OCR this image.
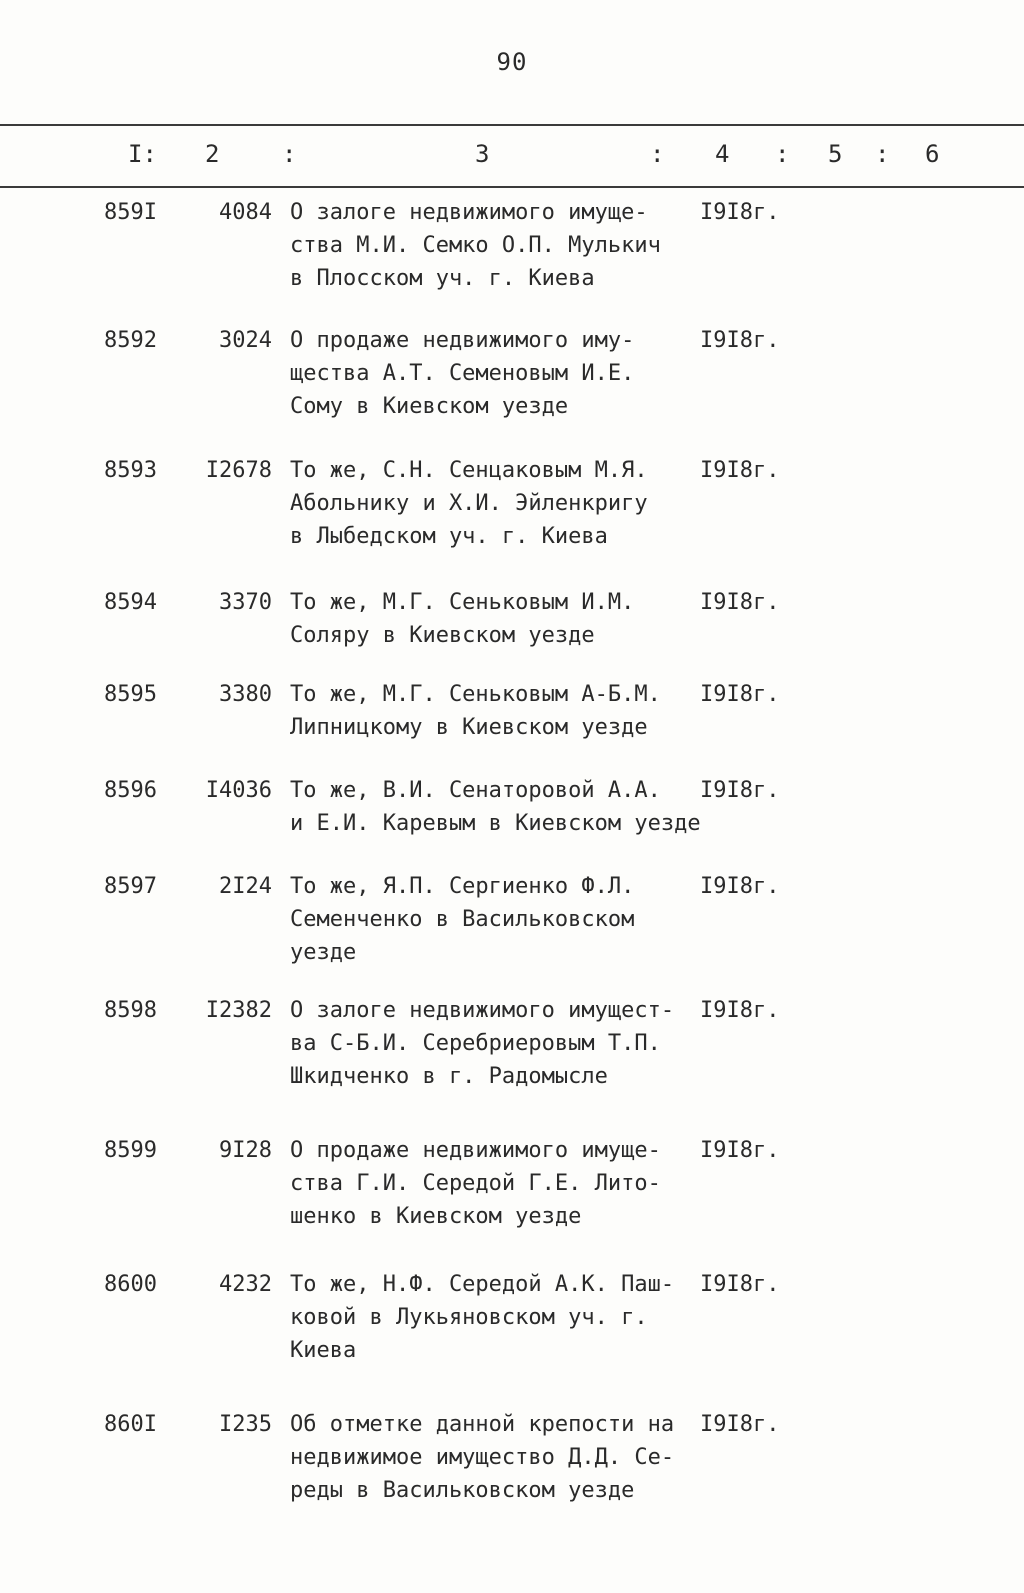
90
I: 2	:	3	: 4 : 5 : 6
859I	4084 О залоге недвижимого имуще-
ства М.И. Семко О.П. Мулькич
в Плосском уч. г. Киева
I9I8г.
8592	3024 О продаже недвижимого иму-
щества А.Т. Семеновым И.Е.
Сому в Киевском уезде
I9I8г.
8593	I2678 То же, С.Н. Сенцаковым М.Я.
Абольнику и Х.И. Эйленкригу
в Лыбедском уч. г. Киева
I9I8г.
8594	3370 То же, М.Г. Сеньковым И.М.
Соляру в Киевском уезде
I9I8г.
8595	3380 То же, М.Г. Сеньковым А-Б.М.
Липницкому в Киевском уезде
I9I8г.
8596	I4036 То же, В.И. Сенаторовой А.А.
и Е.И. Каревым в Киевском уезде
I9I8г.
8597	2I24 То же, Я.П. Сергиенко Ф.Л.
Семенченко в Васильковском
уезде
I9I8г.
8598	I2382 О залоге недвижимого имущест-
ва С-Б.И. Серебриеровым Т.П.
Шкидченко в г. Радомысле
I9I8г.
8599	9I28 О продаже недвижимого имуще-
ства Г.И. Середой Г.Е. Лито-
шенко в Киевском уезде
I9I8г.
8600	4232 То же, Н.Ф. Середой А.К. Паш-
ковой в Лукьяновском уч. г.
Киева
I9I8г.
860I	I235 Об отметке данной крепости на
недвижимое имущество Д.Д. Се-
реды в Васильковском уезде
I9I8г.
